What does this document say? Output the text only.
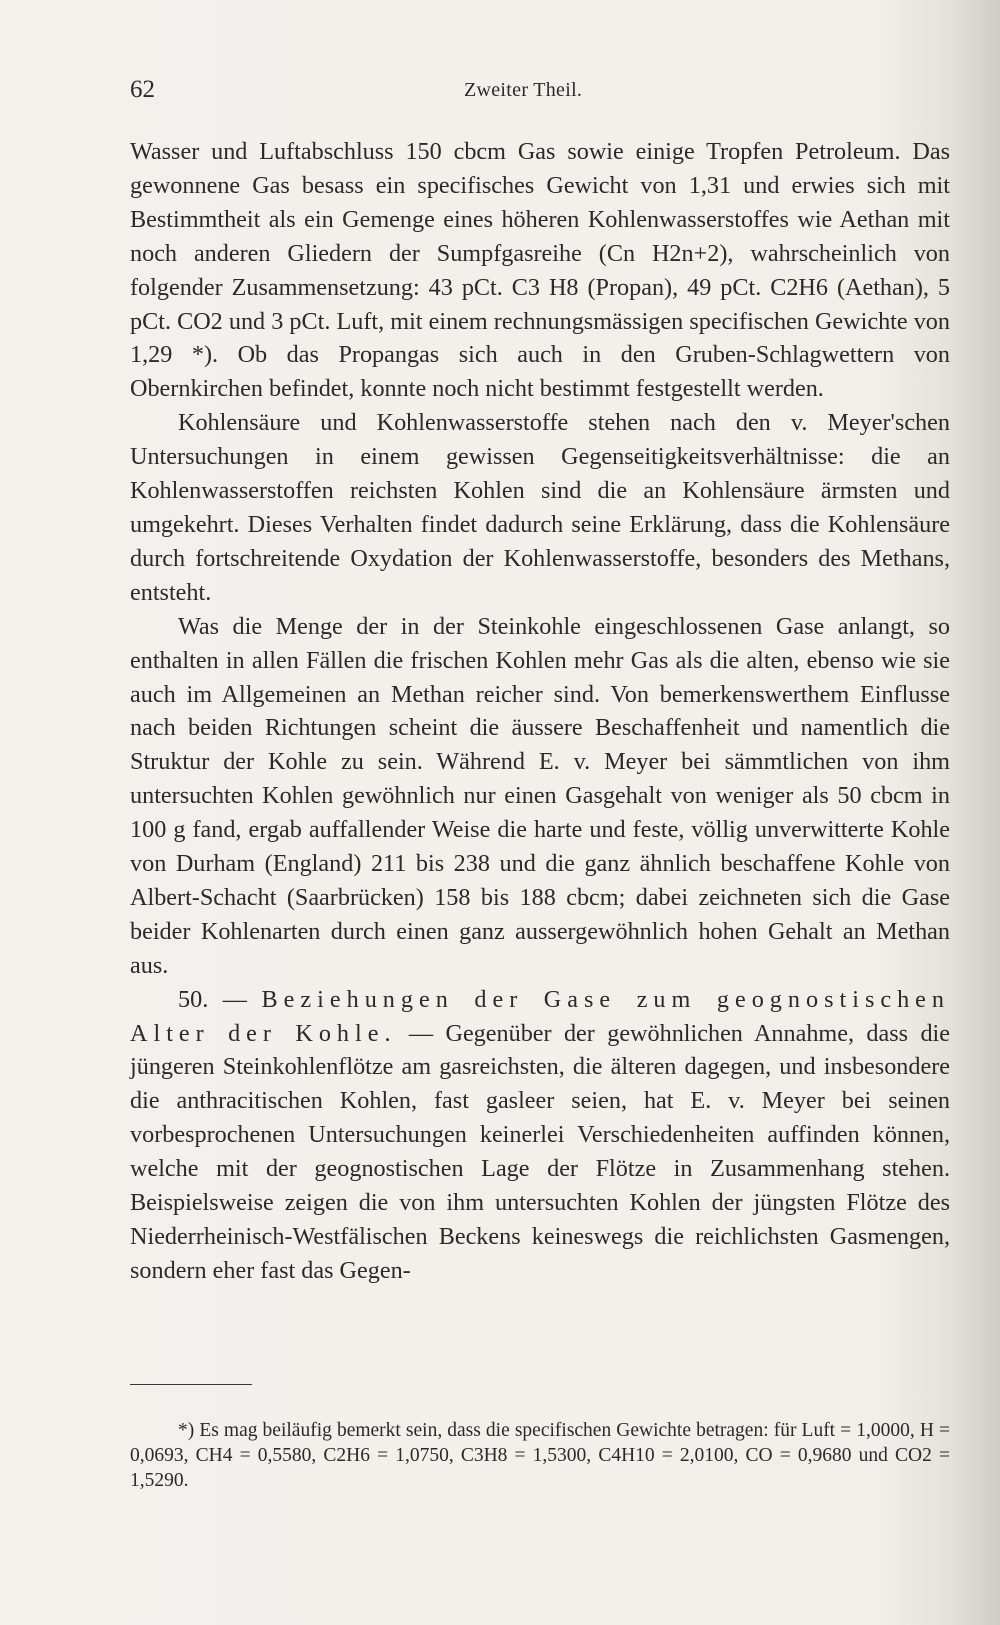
62	Zweiter Theil.

Wasser und Luftabschluss 150 cbcm Gas sowie einige Tropfen Petroleum. Das gewonnene Gas besass ein specifisches Gewicht von 1,31 und erwies sich mit Bestimmtheit als ein Gemenge eines höheren Kohlenwasserstoffes wie Aethan mit noch anderen Gliedern der Sumpfgasreihe (Cn H2n+2), wahrscheinlich von folgender Zusammensetzung: 43 pCt. C3 H8 (Propan), 49 pCt. C2H6 (Aethan), 5 pCt. CO2 und 3 pCt. Luft, mit einem rechnungsmässigen specifischen Gewichte von 1,29 *). Ob das Propangas sich auch in den Gruben-Schlagwettern von Obernkirchen befindet, konnte noch nicht bestimmt festgestellt werden.

Kohlensäure und Kohlenwasserstoffe stehen nach den v. Meyer'schen Untersuchungen in einem gewissen Gegenseitigkeitsverhältnisse: die an Kohlenwasserstoffen reichsten Kohlen sind die an Kohlensäure ärmsten und umgekehrt. Dieses Verhalten findet dadurch seine Erklärung, dass die Kohlensäure durch fortschreitende Oxydation der Kohlenwasserstoffe, besonders des Methans, entsteht.

Was die Menge der in der Steinkohle eingeschlossenen Gase anlangt, so enthalten in allen Fällen die frischen Kohlen mehr Gas als die alten, ebenso wie sie auch im Allgemeinen an Methan reicher sind. Von bemerkenswerthem Einflusse nach beiden Richtungen scheint die äussere Beschaffenheit und namentlich die Struktur der Kohle zu sein. Während E. v. Meyer bei sämmtlichen von ihm untersuchten Kohlen gewöhnlich nur einen Gasgehalt von weniger als 50 cbcm in 100 g fand, ergab auffallender Weise die harte und feste, völlig unverwitterte Kohle von Durham (England) 211 bis 238 und die ganz ähnlich beschaffene Kohle von Albert-Schacht (Saarbrücken) 158 bis 188 cbcm; dabei zeichneten sich die Gase beider Kohlenarten durch einen ganz aussergewöhnlich hohen Gehalt an Methan aus.

50. — Beziehungen der Gase zum geognostischen Alter der Kohle. — Gegenüber der gewöhnlichen Annahme, dass die jüngeren Steinkohlenflötze am gasreichsten, die älteren dagegen, und insbesondere die anthracitischen Kohlen, fast gasleer seien, hat E. v. Meyer bei seinen vorbesprochenen Untersuchungen keinerlei Verschiedenheiten auffinden können, welche mit der geognostischen Lage der Flötze in Zusammenhang stehen. Beispielsweise zeigen die von ihm untersuchten Kohlen der jüngsten Flötze des Niederrheinisch-Westfälischen Beckens keineswegs die reichlichsten Gasmengen, sondern eher fast das Gegen-

*) Es mag beiläufig bemerkt sein, dass die specifischen Gewichte betragen: für Luft = 1,0000, H = 0,0693, CH4 = 0,5580, C2H6 = 1,0750, C3H8 = 1,5300, C4H10 = 2,0100, CO = 0,9680 und CO2 = 1,5290.
